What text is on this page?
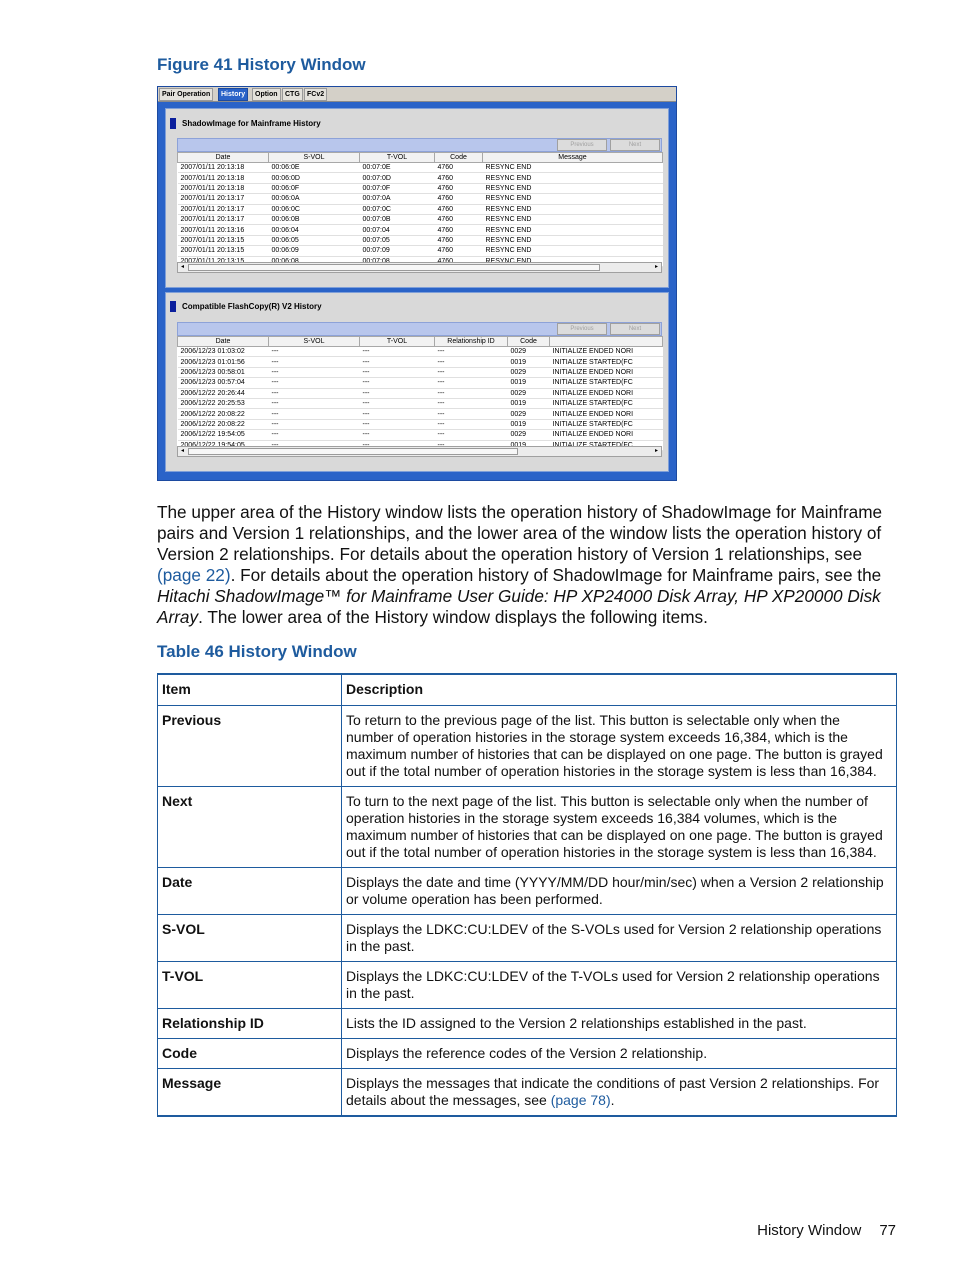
Figure 41 History Window
Pair Operation	History	Option	CTG	FCv2
ShadowImage for Mainframe History
Previous	Next
Date	S-VOL	T-VOL	Code	Message
2007/01/11 20:13:18	00:06:0E	00:07:0E	4760	RESYNC END
2007/01/11 20:13:18	00:06:0D	00:07:0D	4760	RESYNC END
2007/01/11 20:13:18	00:06:0F	00:07:0F	4760	RESYNC END
2007/01/11 20:13:17	00:06:0A	00:07:0A	4760	RESYNC END
2007/01/11 20:13:17	00:06:0C	00:07:0C	4760	RESYNC END
2007/01/11 20:13:17	00:06:0B	00:07:0B	4760	RESYNC END
2007/01/11 20:13:16	00:06:04	00:07:04	4760	RESYNC END
2007/01/11 20:13:15	00:06:05	00:07:05	4760	RESYNC END
2007/01/11 20:13:15	00:06:09	00:07:09	4760	RESYNC END

◂	▸
Compatible FlashCopy(R) V2 History
Previous	Next
Date	S-VOL	T-VOL	Relationship ID	Code	
2006/12/23 01:03:02	---	---	---	0029	INITIALIZE ENDED NORI
2006/12/23 01:01:56	---	---	---	0019	INITIALIZE STARTED(FC
2006/12/23 00:58:01	---	---	---	0029	INITIALIZE ENDED NORI
2006/12/23 00:57:04	---	---	---	0019	INITIALIZE STARTED(FC
2006/12/22 20:26:44	---	---	---	0029	INITIALIZE ENDED NORI
2006/12/22 20:25:53	---	---	---	0019	INITIALIZE STARTED(FC
2006/12/22 20:08:22	---	---	---	0029	INITIALIZE ENDED NORI
2006/12/22 20:08:22	---	---	---	0019	INITIALIZE STARTED(FC
2006/12/22 19:54:05	---	---	---	0029	INITIALIZE ENDED NORI

◂	▸
The upper area of the History window lists the operation history of ShadowImage for Mainframe pairs and Version 1 relationships, and the lower area of the window lists the operation history of Version 2 relationships. For details about the operation history of Version 1 relationships, see (page 22). For details about the operation history of ShadowImage for Mainframe pairs, see the Hitachi ShadowImage™ for Mainframe User Guide: HP XP24000 Disk Array, HP XP20000 Disk Array. The lower area of the History window displays the following items.
Table 46 History Window
Item	Description
Previous	To return to the previous page of the list. This button is selectable only when the number of operation histories in the storage system exceeds 16,384, which is the maximum number of histories that can be displayed on one page. The button is grayed out if the total number of operation histories in the storage system is less than 16,384.
Next	To turn to the next page of the list. This button is selectable only when the number of operation histories in the storage system exceeds 16,384 volumes, which is the maximum number of histories that can be displayed on one page. The button is grayed out if the total number of operation histories in the storage system is less than 16,384.
Date	Displays the date and time (YYYY/MM/DD hour/min/sec) when a Version 2 relationship or volume operation has been performed.
S-VOL	Displays the LDKC:CU:LDEV of the S-VOLs used for Version 2 relationship operations in the past.
T-VOL	Displays the LDKC:CU:LDEV of the T-VOLs used for Version 2 relationship operations in the past.
Relationship ID	Lists the ID assigned to the Version 2 relationships established in the past.
Code	Displays the reference codes of the Version 2 relationship.
Message	Displays the messages that indicate the conditions of past Version 2 relationships. For details about the messages, see (page 78).
History Window 77
